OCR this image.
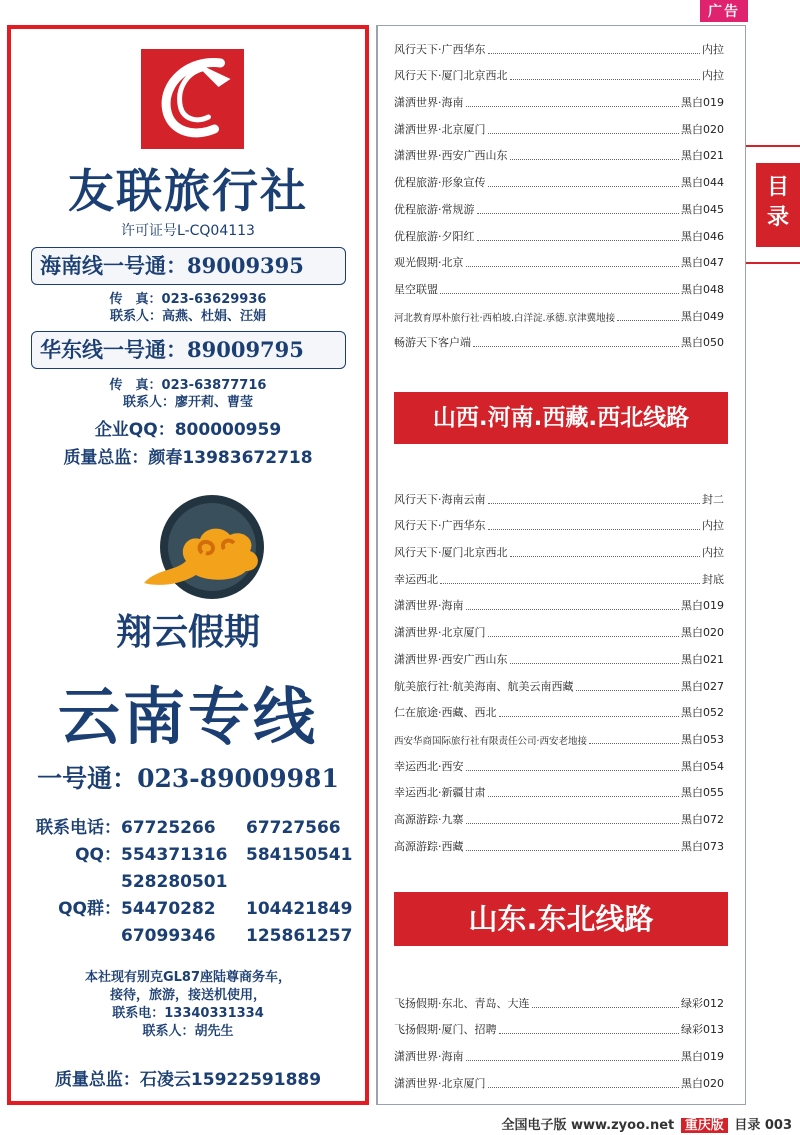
广告
友联旅行社
许可证号L-CQ04113
海南线一号通：89009395
传　真：023-63629936
联系人：高燕、杜娟、汪娟
华东线一号通：89009795
传　真：023-63877716
联系人：廖开莉、曹莹
企业QQ：800000959
质量总监：颜春13983672718
翔云假期
云南专线
一号通：023-89009981
联系电话： 67725266	67727566
QQ： 554371316	584150541
528280501
QQ群： 54470282	104421849
67099346	125861257
本社现有别克GL87座陆尊商务车，
接待，旅游，接送机使用，
联系电：13340331334
联系人：胡先生
质量总监：石凌云15922591889
风行天下·广西华东	内拉
风行天下·厦门北京西北	内拉
潇洒世界·海南	黑白019
潇洒世界·北京厦门	黑白020
潇洒世界·西安广西山东	黑白021
优程旅游·形象宣传	黑白044
优程旅游·常规游	黑白045
优程旅游·夕阳红	黑白046
观光假期·北京	黑白047
星空联盟	黑白048
河北教育厚朴旅行社·西柏坡.白洋淀.承德.京津冀地接	黑白049
畅游天下客户端	黑白050
山西.河南.西藏.西北线路
风行天下·海南云南	封二
风行天下·广西华东	内拉
风行天下·厦门北京西北	内拉
幸运西北	封底
潇洒世界·海南	黑白019
潇洒世界·北京厦门	黑白020
潇洒世界·西安广西山东	黑白021
航美旅行社·航美海南、航美云南西藏	黑白027
仁在旅途·西藏、西北	黑白052
西安华商国际旅行社有限责任公司·西安老地接	黑白053
幸运西北·西安	黑白054
幸运西北·新疆甘肃	黑白055
高源游踪·九寨	黑白072
高源游踪·西藏	黑白073
山东.东北线路
飞扬假期·东北、青岛、大连	绿彩012
飞扬假期·厦门、招聘	绿彩013
潇洒世界·海南	黑白019
潇洒世界·北京厦门	黑白020
目
录
全国电子版 www.zyoo.net 重庆版 目录 003
